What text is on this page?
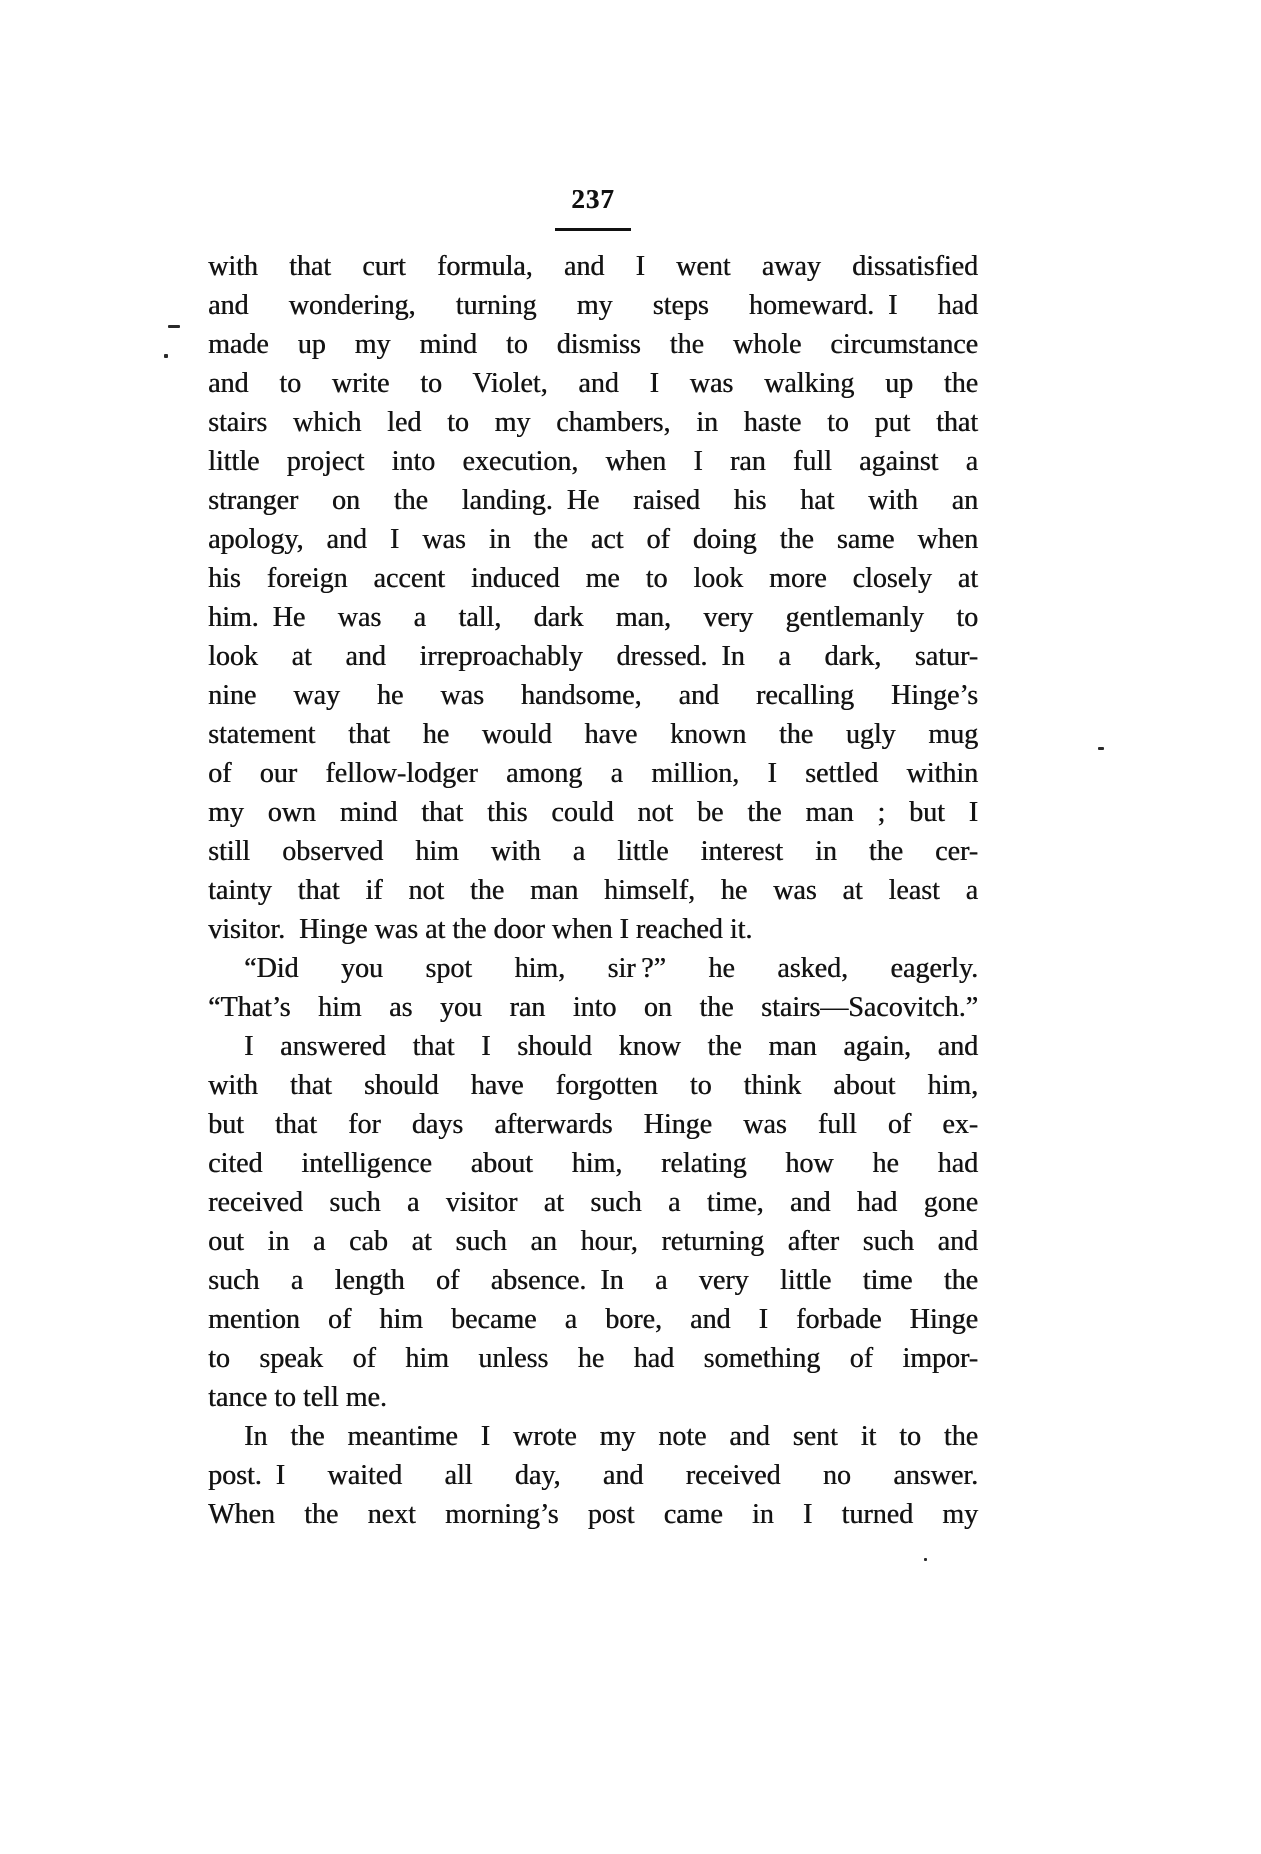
237
with that curt formula, and I went away dissatisfied
and wondering, turning my steps homeward. I had
made up my mind to dismiss the whole circumstance
and to write to Violet, and I was walking up the
stairs which led to my chambers, in haste to put that
little project into execution, when I ran full against a
stranger on the landing. He raised his hat with an
apology, and I was in the act of doing the same when
his foreign accent induced me to look more closely at
him. He was a tall, dark man, very gentlemanly to
look at and irreproachably dressed. In a dark, satur-
nine way he was handsome, and recalling Hinge’s
statement that he would have known the ugly mug
of our fellow-lodger among a million, I settled within
my own mind that this could not be the man ; but I
still observed him with a little interest in the cer-
tainty that if not the man himself, he was at least a
visitor. Hinge was at the door when I reached it.
“Did you spot him, sir ?” he asked, eagerly.
“That’s him as you ran into on the stairs—Sacovitch.”
I answered that I should know the man again, and
with that should have forgotten to think about him,
but that for days afterwards Hinge was full of ex-
cited intelligence about him, relating how he had
received such a visitor at such a time, and had gone
out in a cab at such an hour, returning after such and
such a length of absence. In a very little time the
mention of him became a bore, and I forbade Hinge
to speak of him unless he had something of impor-
tance to tell me.
In the meantime I wrote my note and sent it to the
post. I waited all day, and received no answer.
When the next morning’s post came in I turned my
